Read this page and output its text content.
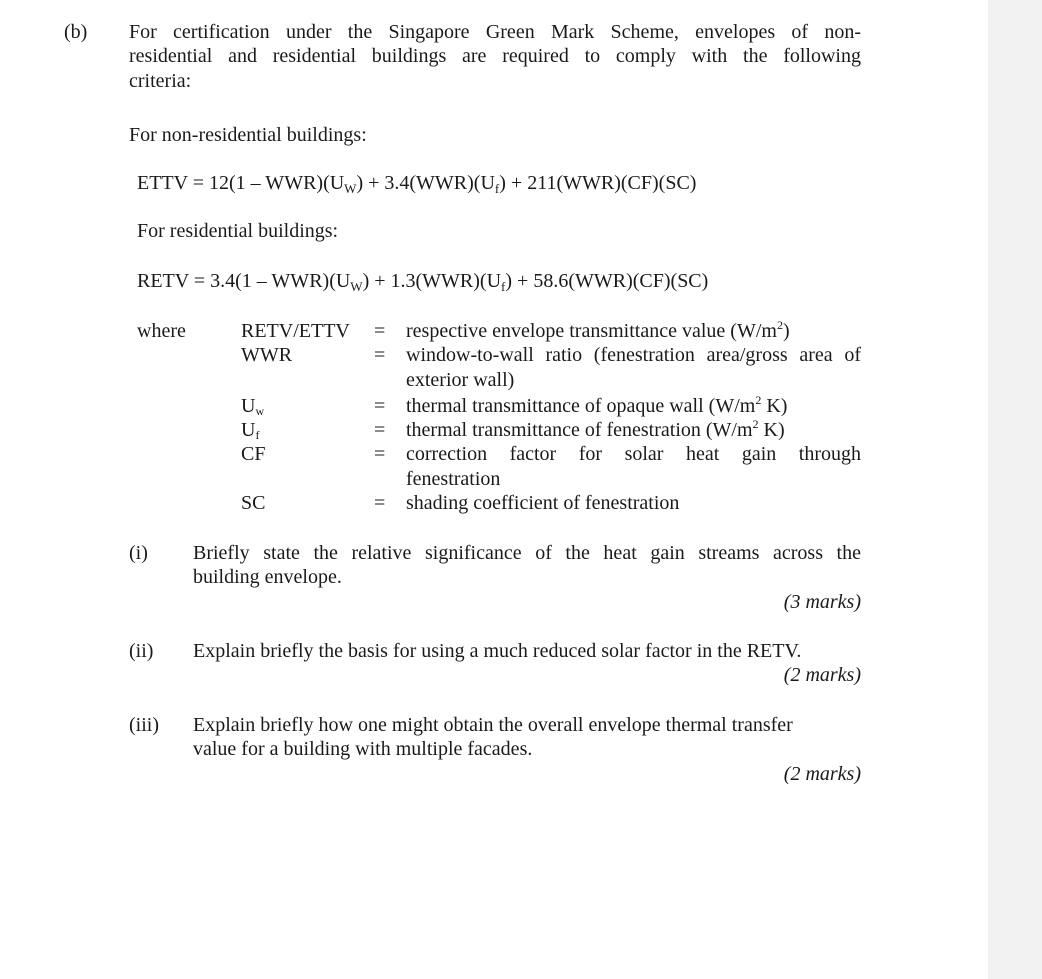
(b) For certification under the Singapore Green Mark Scheme, envelopes of non-
residential and residential buildings are required to comply with the following
criteria:
For non-residential buildings:
ETTV = $12(1 - WWR)(U_W) + 3.4(WWR)(U_f) + 211(WWR)(CF)(SC)$
For residential buildings:
RETV = $3.4(1 - WWR)(U_W) + 1.3(WWR)(U_f) + 58.6(WWR)(CF)(SC)$
where	RETV/ETTV = respective envelope transmittance value $(W/m^2)$
WWR	= window-to-wall ratio (fenestration area/gross area of
exterior wall)
Uw	= thermal transmittance of opaque wall ($W/m^2$ K)
Uf	= thermal transmittance of fenestration ($W/m^2$ K)
CF	= correction factor for solar heat gain through
fenestration
SC	= shading coefficient of fenestration
(i) Briefly state the relative significance of the heat gain streams across the
building envelope.
(3 marks)
(ii) Explain briefly the basis for using a much reduced solar factor in the RETV.
(2 marks)
(iii) Explain briefly how one might obtain the overall envelope thermal transfer
value for a building with multiple facades.
(2 marks)
